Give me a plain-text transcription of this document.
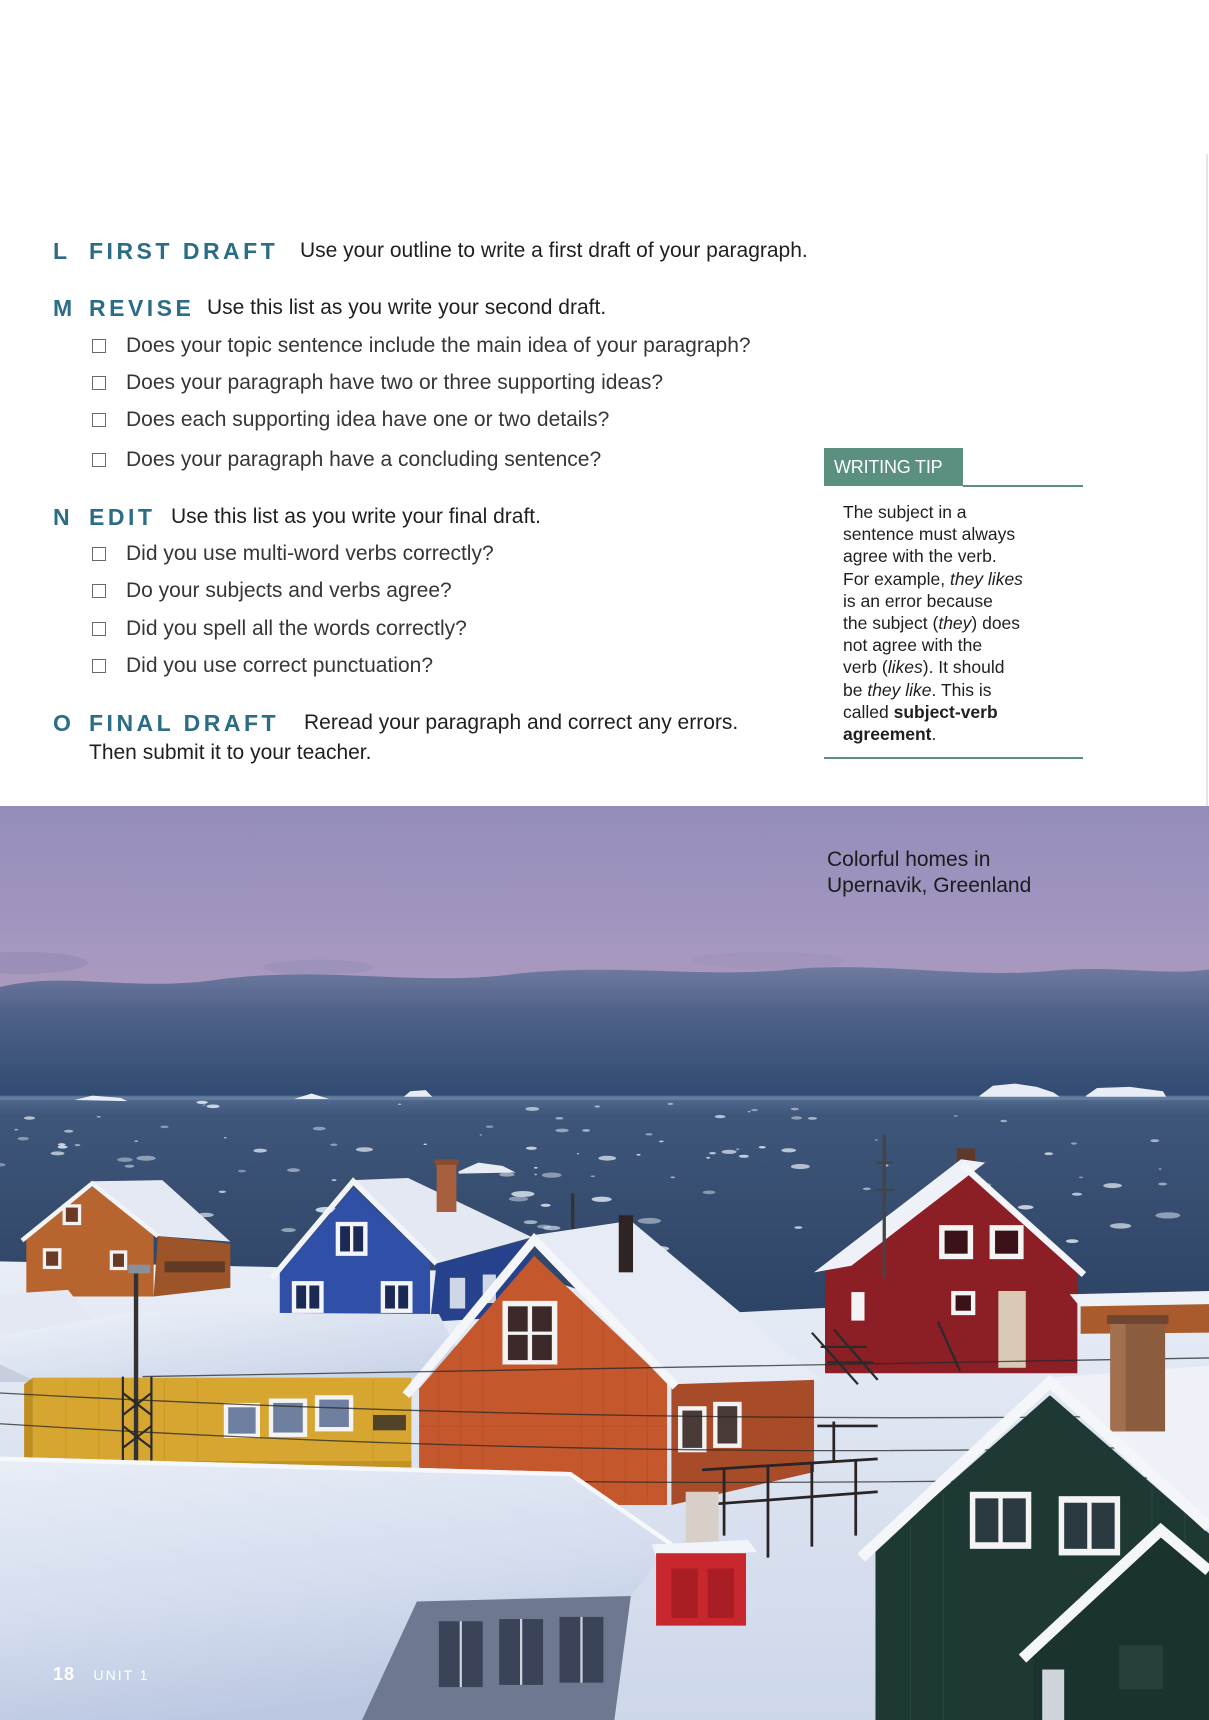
L FIRST DRAFT Use your outline to write a first draft of your paragraph.
M REVISE Use this list as you write your second draft.
Does your topic sentence include the main idea of your paragraph?
Does your paragraph have two or three supporting ideas?
Does each supporting idea have one or two details?
Does your paragraph have a concluding sentence?
N EDIT Use this list as you write your final draft.
Did you use multi-word verbs correctly?
Do your subjects and verbs agree?
Did you spell all the words correctly?
Did you use correct punctuation?
O FINAL DRAFT Reread your paragraph and correct any errors.
Then submit it to your teacher.
WRITING TIP
The subject in a
sentence must always
agree with the verb.
For example, they likes
is an error because
the subject (they) does
not agree with the
verb (likes). It should
be they like. This is
called subject-verb
agreement.
Colorful homes in
Upernavik, Greenland
18 UNIT 1
